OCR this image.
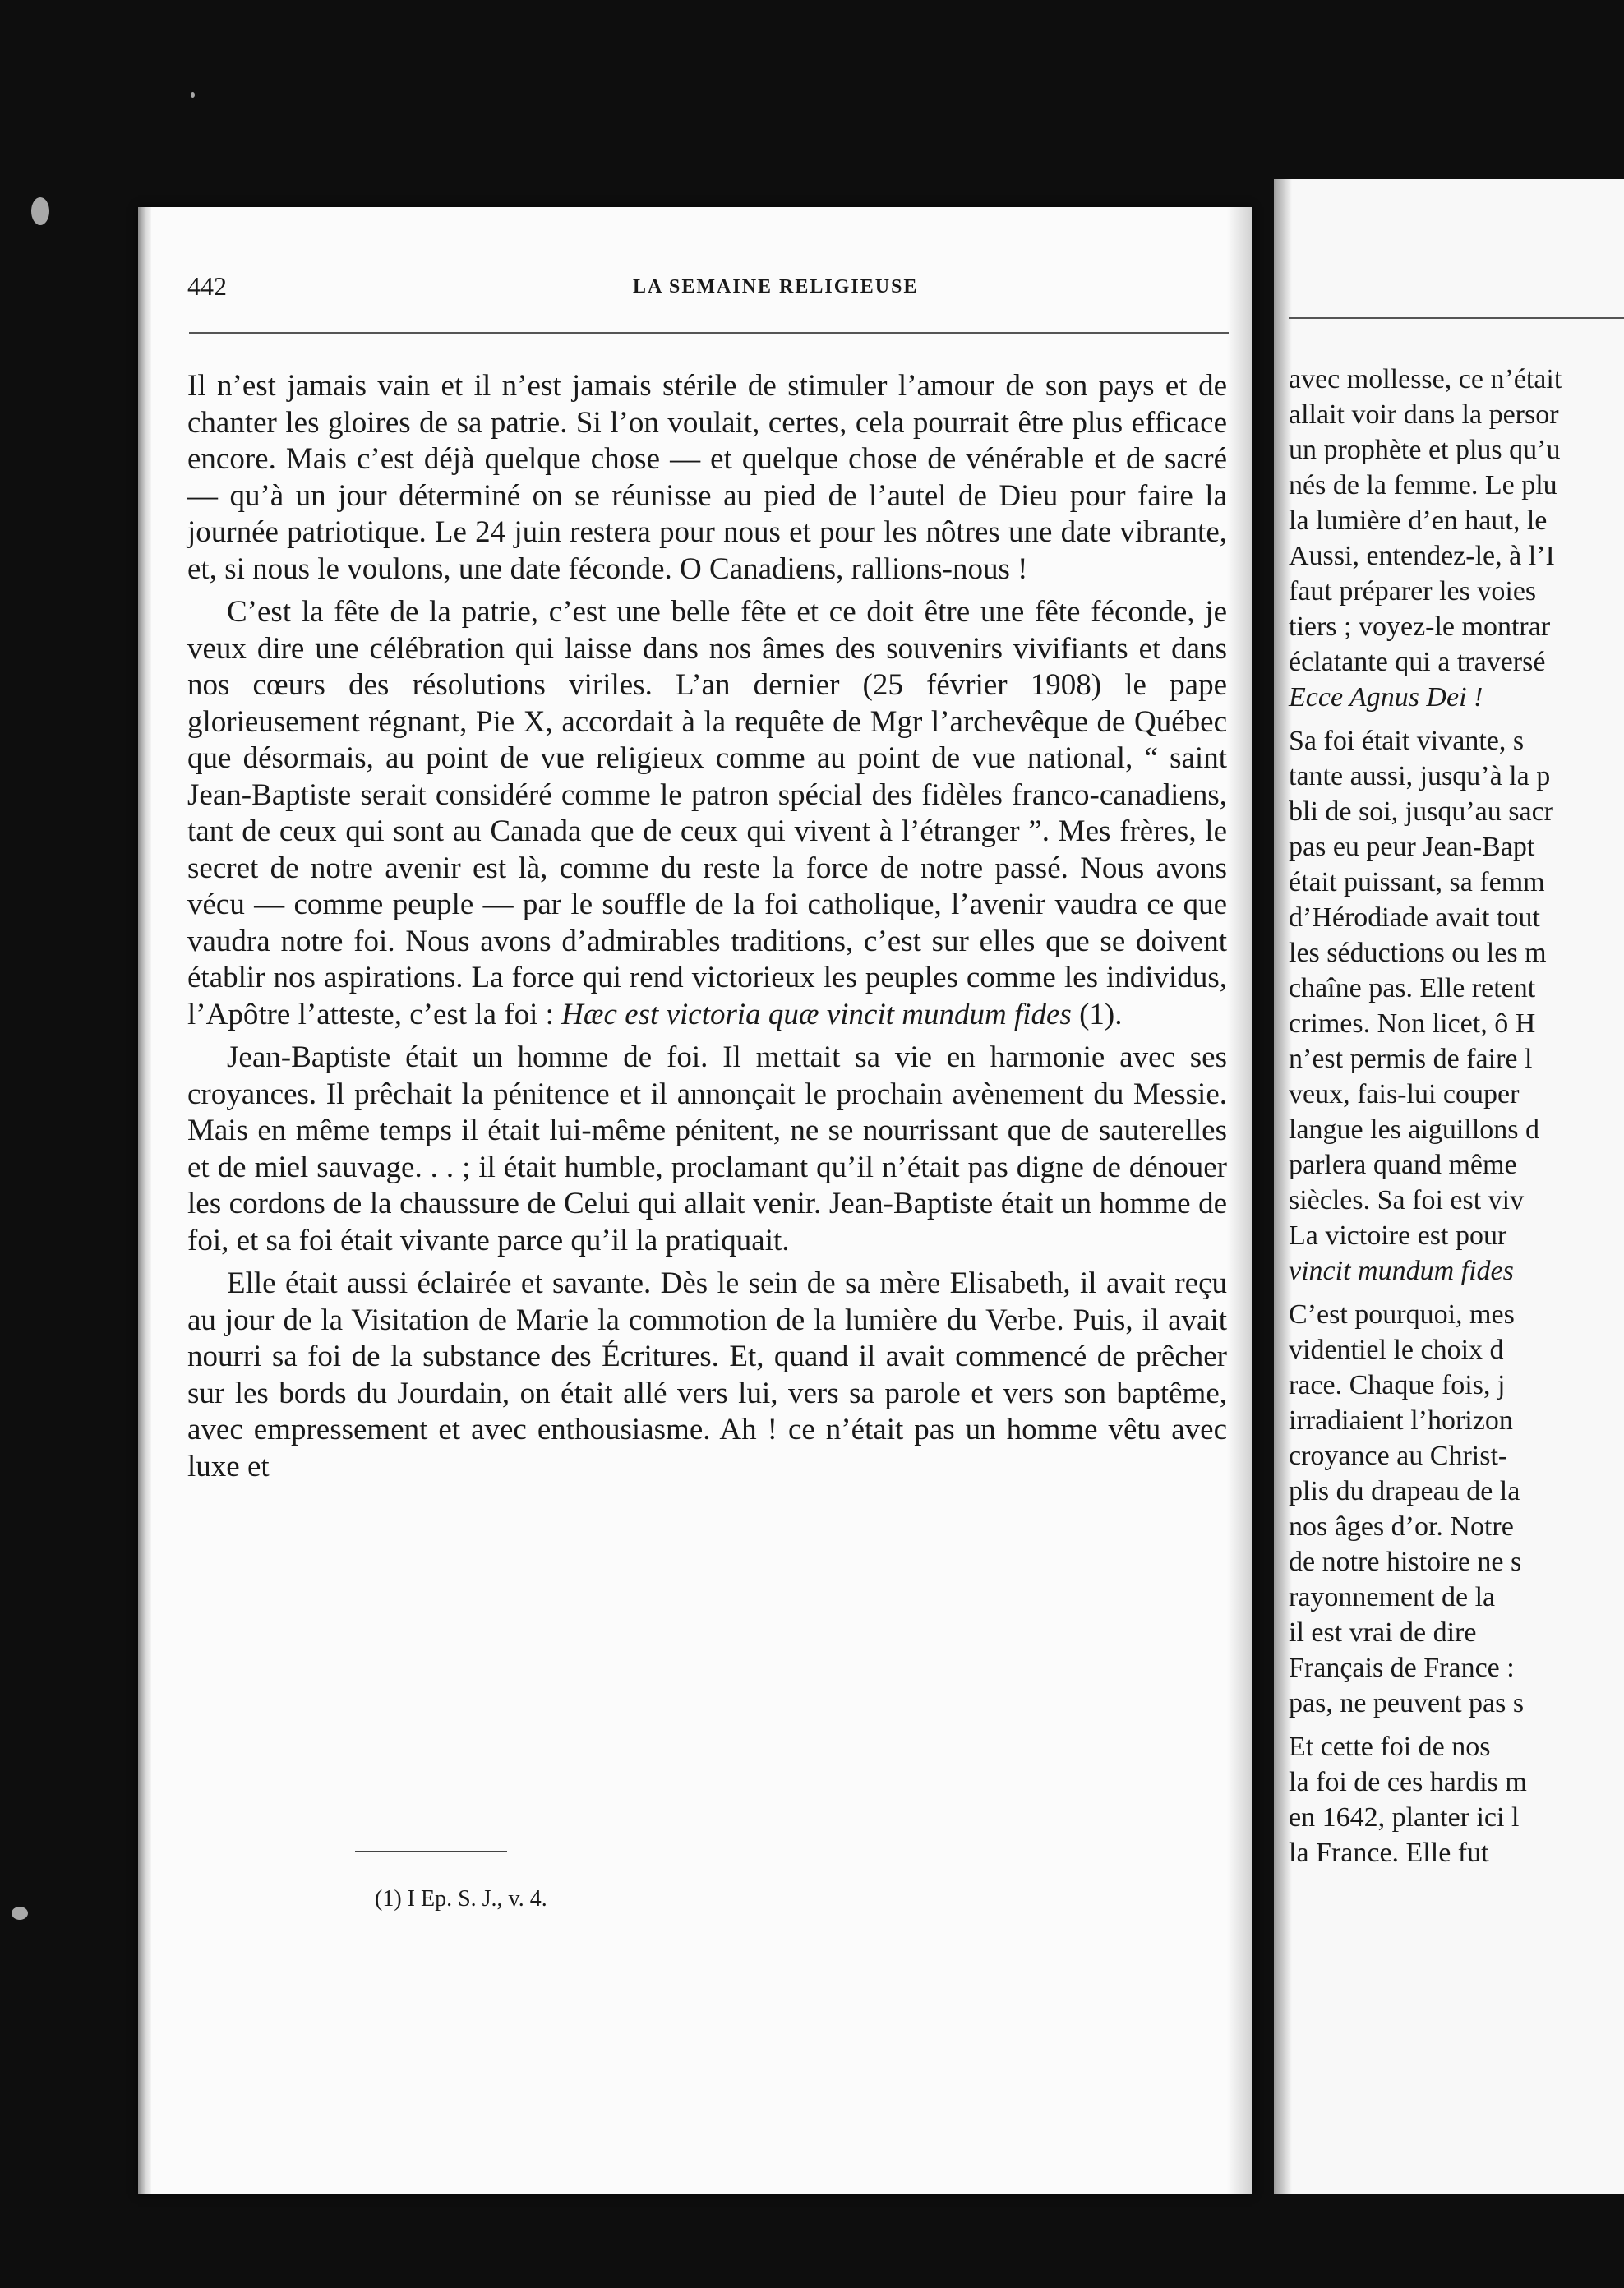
442	LA SEMAINE RELIGIEUSE

Il n’est jamais vain et il n’est jamais stérile de stimuler l’amour de son pays et de chanter les gloires de sa patrie. Si l’on voulait, certes, cela pourrait être plus efficace encore. Mais c’est déjà quelque chose — et quelque chose de vénérable et de sacré — qu’à un jour déterminé on se réunisse au pied de l’autel de Dieu pour faire la journée patriotique. Le 24 juin restera pour nous et pour les nôtres une date vibrante, et, si nous le voulons, une date féconde. O Canadiens, rallions-nous !

C’est la fête de la patrie, c’est une belle fête et ce doit être une fête féconde, je veux dire une célébration qui laisse dans nos âmes des souvenirs vivifiants et dans nos cœurs des résolutions viriles. L’an dernier (25 février 1908) le pape glorieusement régnant, Pie X, accordait à la requête de Mgr l’archevêque de Québec que désormais, au point de vue religieux comme au point de vue national, “ saint Jean-Baptiste serait considéré comme le patron spécial des fidèles franco-canadiens, tant de ceux qui sont au Canada que de ceux qui vivent à l’étranger ”. Mes frères, le secret de notre avenir est là, comme du reste la force de notre passé. Nous avons vécu — comme peuple — par le souffle de la foi catholique, l’avenir vaudra ce que vaudra notre foi. Nous avons d’admirables traditions, c’est sur elles que se doivent établir nos aspirations. La force qui rend victorieux les peuples comme les individus, l’Apôtre l’atteste, c’est la foi : Hæc est victoria quæ vincit mundum fides (1).

Jean-Baptiste était un homme de foi. Il mettait sa vie en harmonie avec ses croyances. Il prêchait la pénitence et il annonçait le prochain avènement du Messie. Mais en même temps il était lui-même pénitent, ne se nourrissant que de sauterelles et de miel sauvage. . . ; il était humble, proclamant qu’il n’était pas digne de dénouer les cordons de la chaussure de Celui qui allait venir. Jean-Baptiste était un homme de foi, et sa foi était vivante parce qu’il la pratiquait.

Elle était aussi éclairée et savante. Dès le sein de sa mère Elisabeth, il avait reçu au jour de la Visitation de Marie la commotion de la lumière du Verbe. Puis, il avait nourri sa foi de la substance des Écritures. Et, quand il avait commencé de prêcher sur les bords du Jourdain, on était allé vers lui, vers sa parole et vers son baptême, avec empressement et avec enthousiasme. Ah ! ce n’était pas un homme vêtu avec luxe et

(1) I Ep. S. J., v. 4.
avec mollesse, ce n’était
allait voir dans la persor
un prophète et plus qu’u
nés de la femme. Le plu
la lumière d’en haut, le
Aussi, entendez-le, à l’I
faut préparer les voies
tiers ; voyez-le montrar
éclatante qui a traversé
Ecce Agnus Dei !
Sa foi était vivante, s
tante aussi, jusqu’à la p
bli de soi, jusqu’au sacr
pas eu peur Jean-Bapt
était puissant, sa femm
d’Hérodiade avait tout
les séductions ou les m
chaîne pas. Elle retent
crimes. Non licet, ô H
n’est permis de faire l
veux, fais-lui couper
langue les aiguillons d
parlera quand même
siècles. Sa foi est viv
La victoire est pour
vincit mundum fides
C’est pourquoi, mes
videntiel le choix d
race. Chaque fois, j
irradiaient l’horizon
croyance au Christ-
plis du drapeau de la
nos âges d’or. Notre
de notre histoire ne s
rayonnement de la
il est vrai de dire
Français de France :
pas, ne peuvent pas s
Et cette foi de nos
la foi de ces hardis m
en 1642, planter ici l
la France. Elle fut
